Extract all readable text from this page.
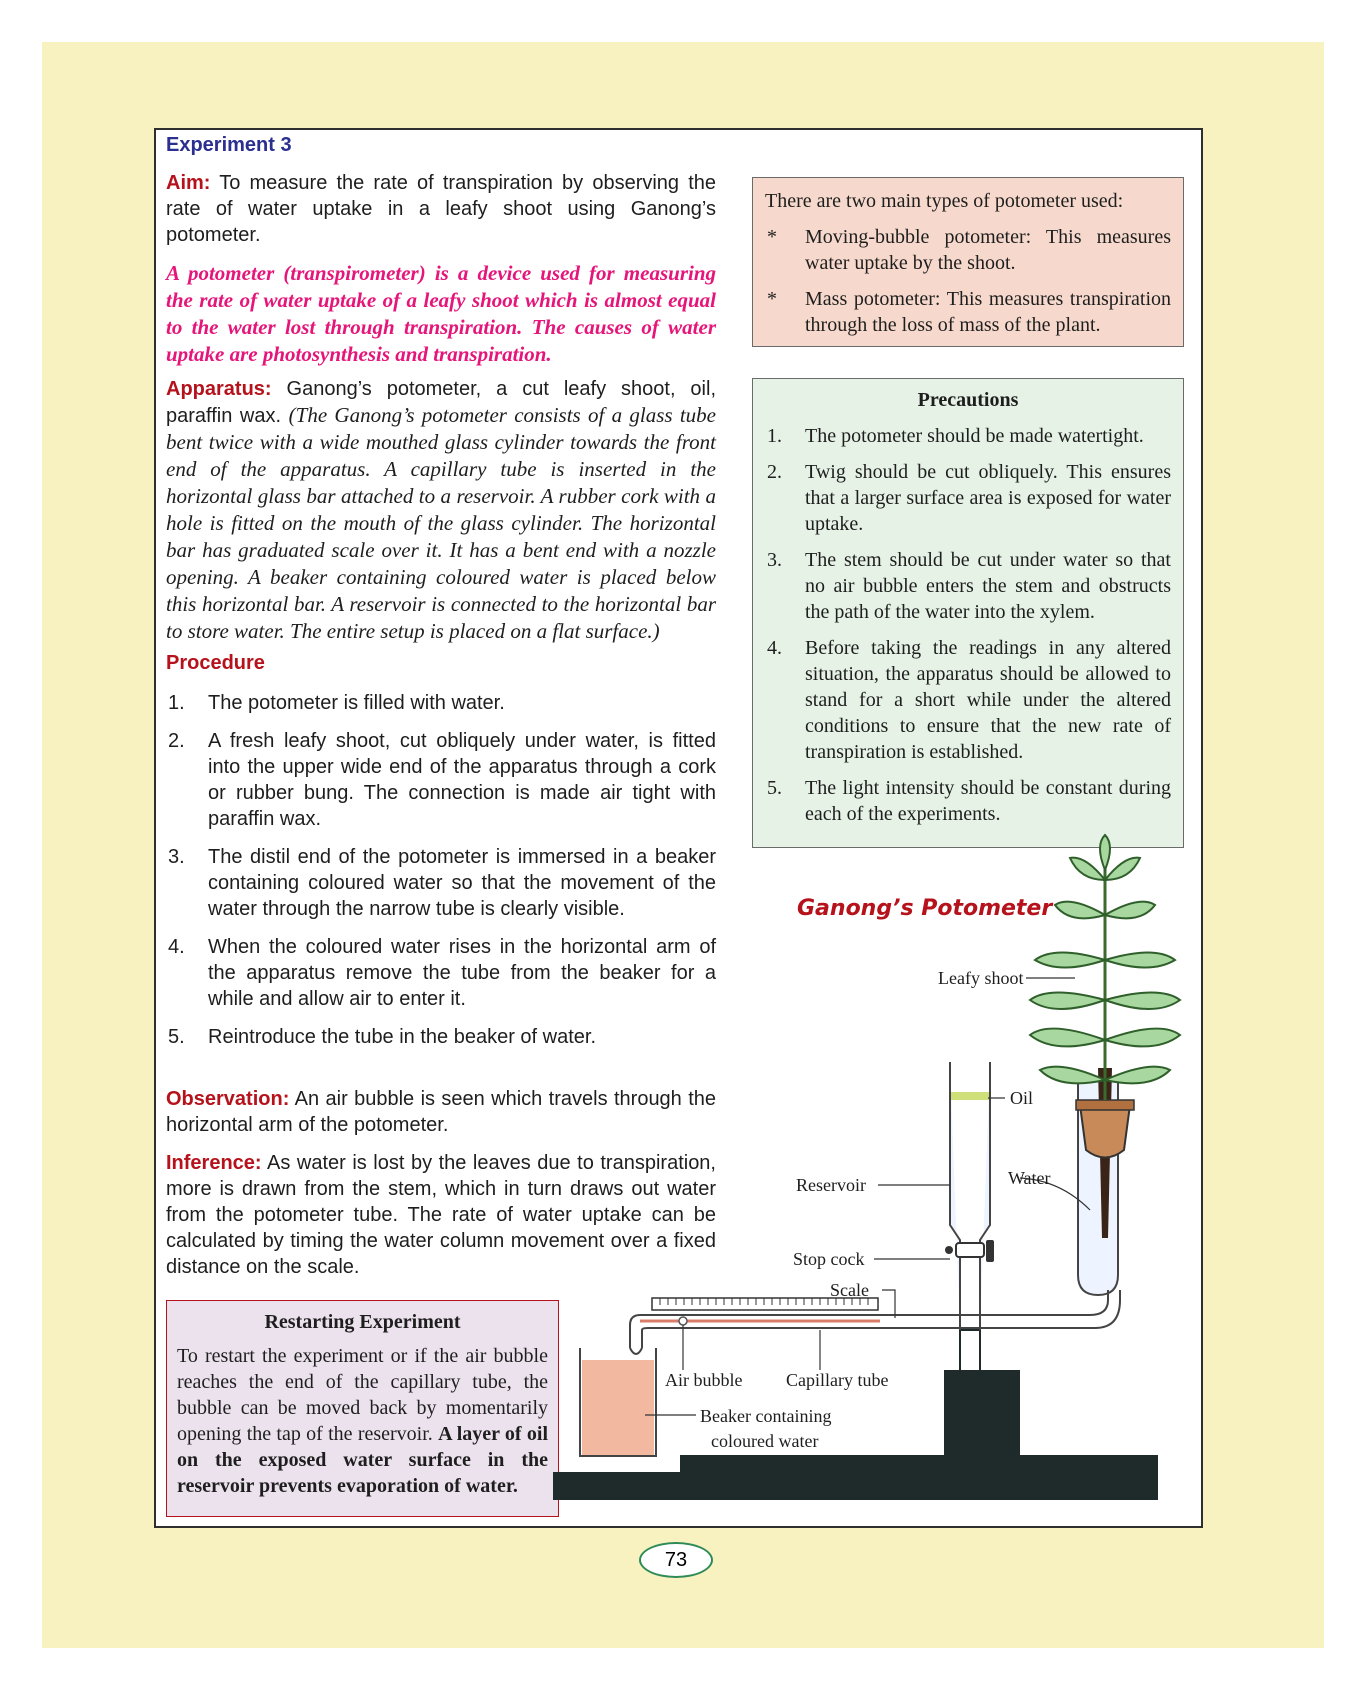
Experiment 3
Aim: To measure the rate of transpiration by observing the rate of water uptake in a leafy shoot using Ganong’s potometer.
A potometer (transpirometer) is a device used for measuring the rate of water uptake of a leafy shoot which is almost equal to the water lost through transpiration. The causes of water uptake are photosynthesis and transpiration.
Apparatus: Ganong’s potometer, a cut leafy shoot, oil, paraffin wax. (The Ganong’s potometer consists of a glass tube bent twice with a wide mouthed glass cylinder towards the front end of the apparatus. A capillary tube is inserted in the horizontal glass bar attached to a reservoir. A rubber cork with a hole is fitted on the mouth of the glass cylinder. The horizontal bar has graduated scale over it. It has a bent end with a nozzle opening. A beaker containing coloured water is placed below this horizontal bar. A reservoir is connected to the horizontal bar to store water. The entire setup is placed on a flat surface.)
Procedure
1. The potometer is filled with water.
2. A fresh leafy shoot, cut obliquely under water, is fitted into the upper wide end of the apparatus through a cork or rubber bung. The connection is made air tight with paraffin wax.
3. The distil end of the potometer is immersed in a beaker containing coloured water so that the movement of the water through the narrow tube is clearly visible.
4. When the coloured water rises in the horizontal arm of the apparatus remove the tube from the beaker for a while and allow air to enter it.
5. Reintroduce the tube in the beaker of water.
Observation: An air bubble is seen which travels through the horizontal arm of the potometer.
Inference: As water is lost by the leaves due to transpiration, more is drawn from the stem, which in turn draws out water from the potometer tube. The rate of water uptake can be calculated by timing the water column movement over a fixed distance on the scale.
There are two main types of potometer used:
* Moving-bubble potometer: This measures water uptake by the shoot.
* Mass potometer: This measures transpiration through the loss of mass of the plant.
Precautions
1. The potometer should be made watertight.
2. Twig should be cut obliquely. This ensures that a larger surface area is exposed for water uptake.
3. The stem should be cut under water so that no air bubble enters the stem and obstructs the path of the water into the xylem.
4. Before taking the readings in any altered situation, the apparatus should be allowed to stand for a short while under the altered conditions to ensure that the new rate of transpiration is established.
5. The light intensity should be constant during each of the experiments.
Restarting Experiment
To restart the experiment or if the air bubble reaches the end of the capillary tube, the bubble can be moved back by momentarily opening the tap of the reservoir. A layer of oil on the exposed water surface in the reservoir prevents evaporation of water.
Ganong’s Potometer
Leafy shoot
Oil
Water
Reservoir
Stop cock
Scale
Air bubble Capillary tube
Beaker containing
coloured water
73
